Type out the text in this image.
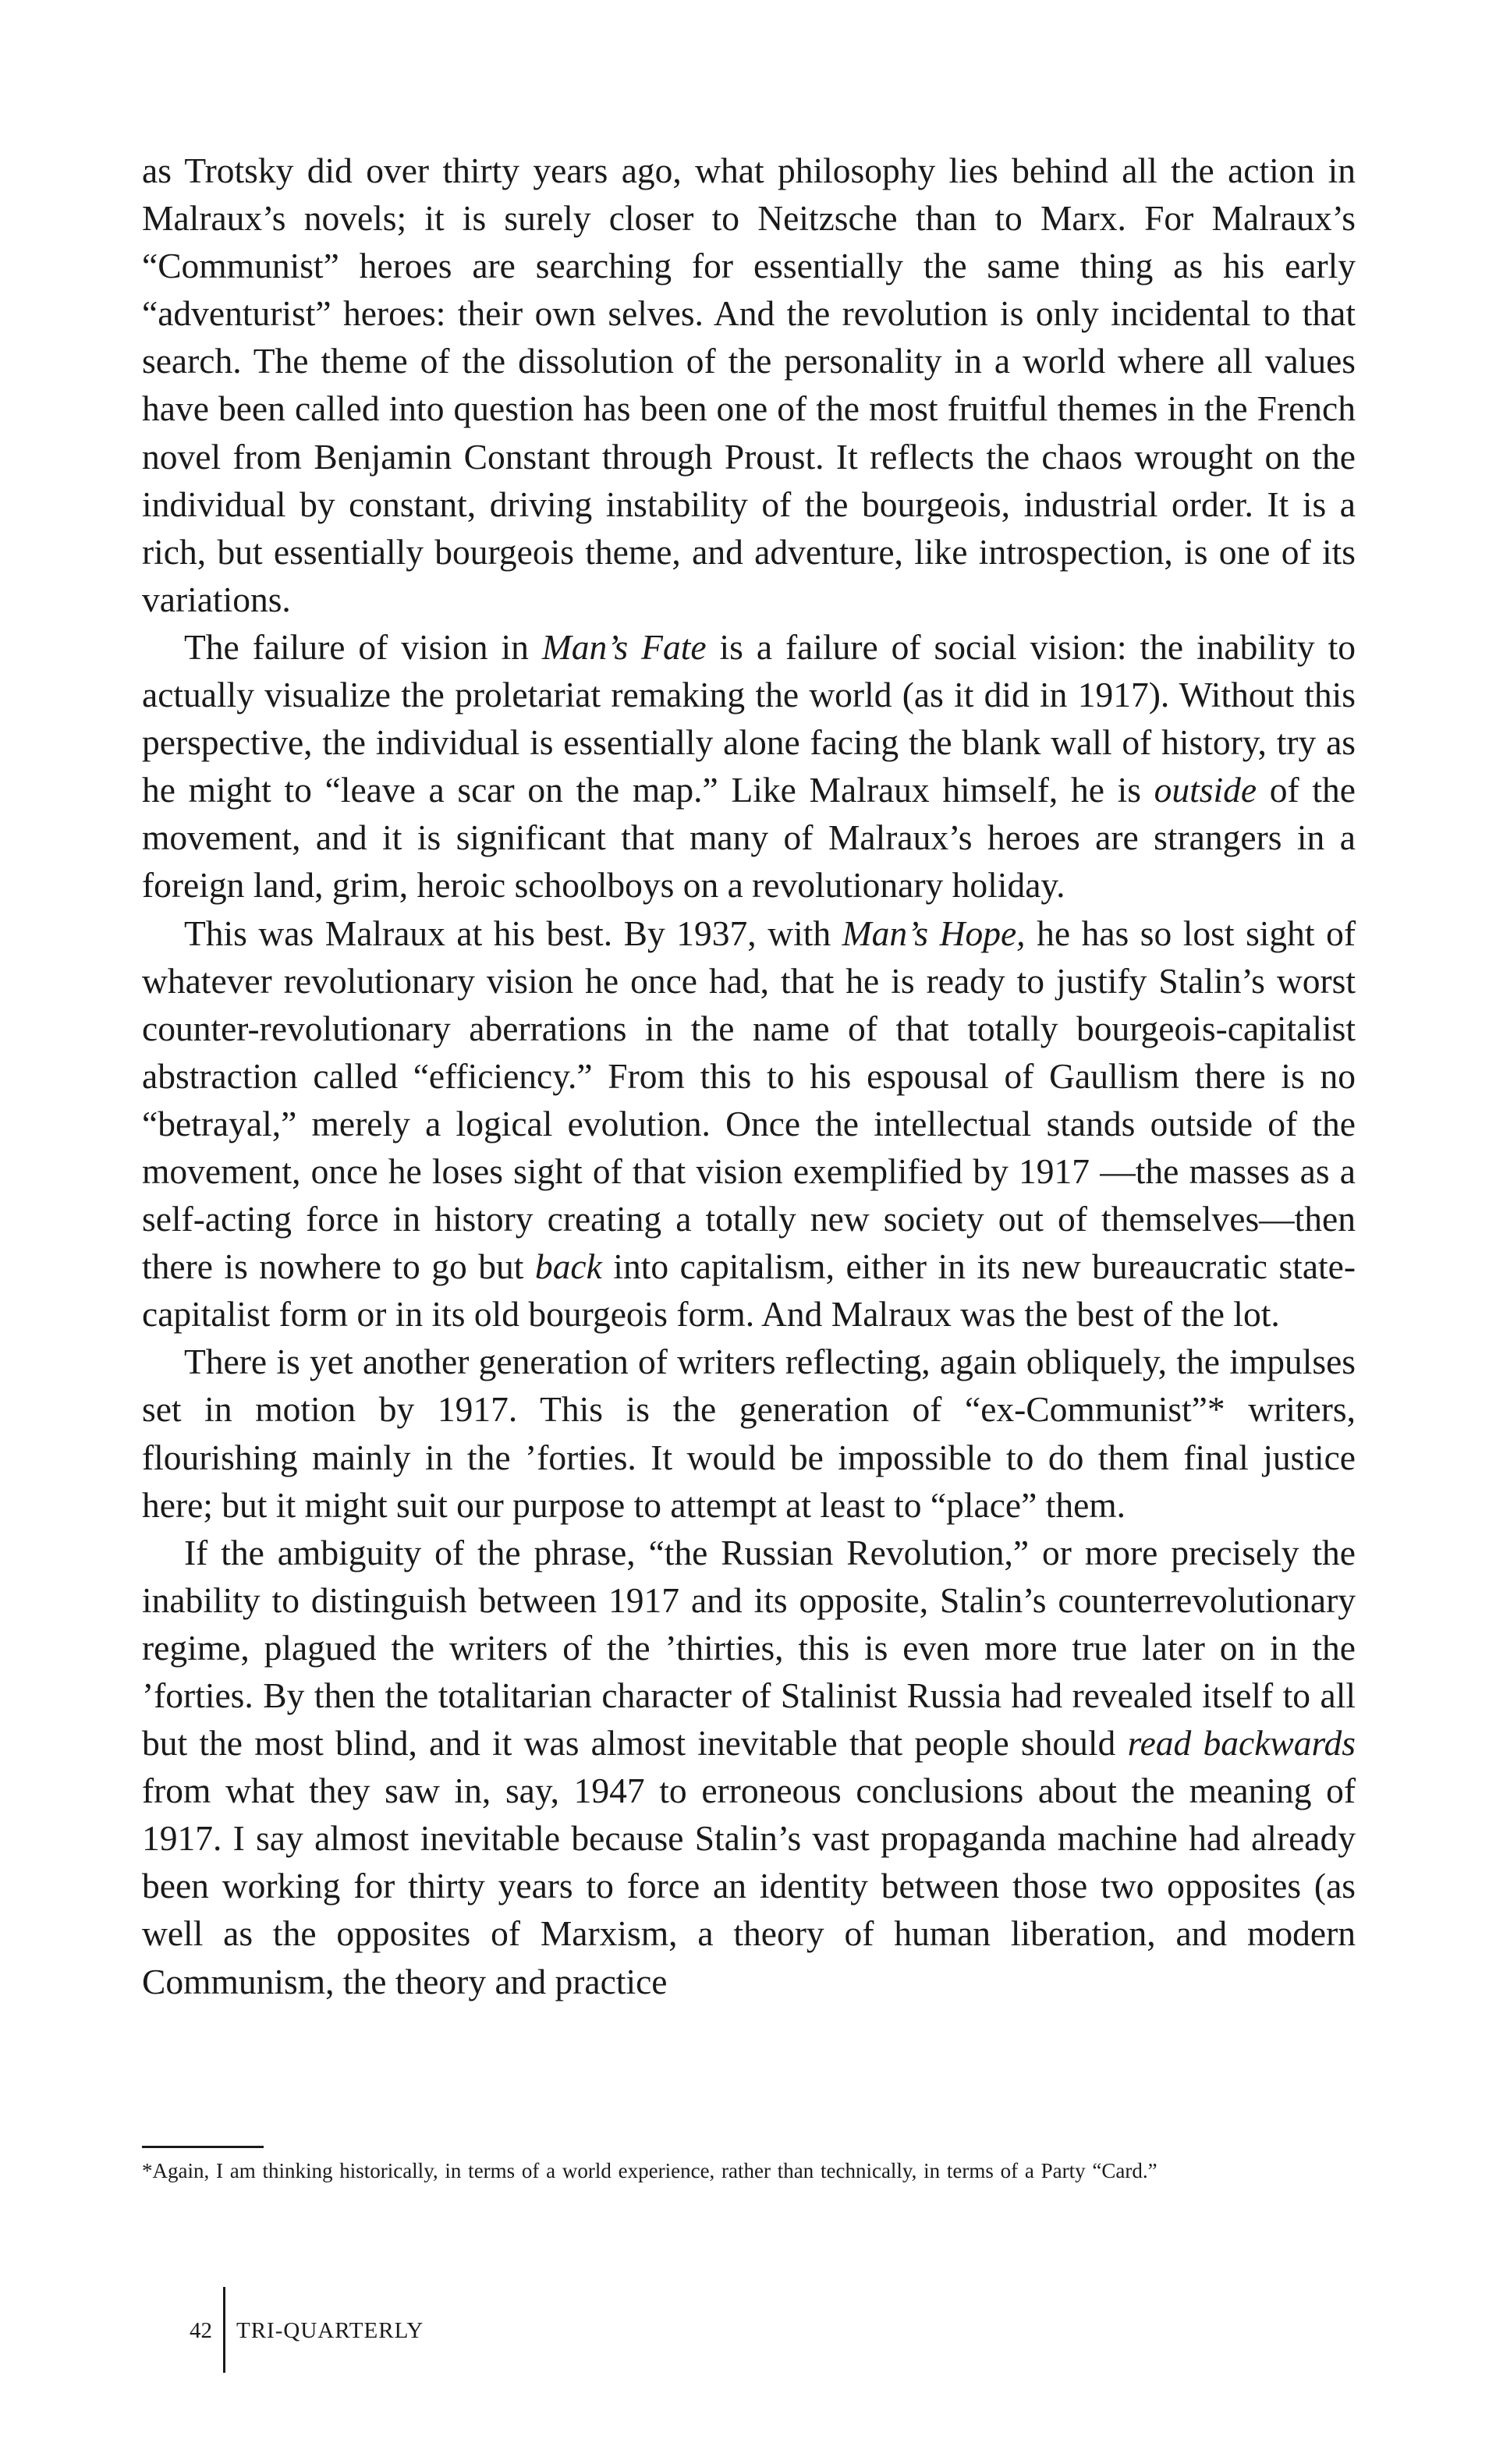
as Trotsky did over thirty years ago, what philosophy lies behind all the action in Malraux’s novels; it is surely closer to Neitzsche than to Marx. For Malraux’s “Communist” heroes are searching for essentially the same thing as his early “adventurist” heroes: their own selves. And the revolution is only incidental to that search. The theme of the dissolution of the personality in a world where all values have been called into question has been one of the most fruitful themes in the French novel from Benjamin Constant through Proust. It reflects the chaos wrought on the individual by constant, driving instability of the bourgeois, industrial order. It is a rich, but essentially bourgeois theme, and adventure, like introspection, is one of its variations.

The failure of vision in Man’s Fate is a failure of social vision: the inability to actually visualize the proletariat remaking the world (as it did in 1917). Without this perspective, the individual is essentially alone facing the blank wall of history, try as he might to “leave a scar on the map.” Like Malraux himself, he is outside of the movement, and it is significant that many of Malraux’s heroes are strangers in a foreign land, grim, heroic schoolboys on a revolutionary holiday.

This was Malraux at his best. By 1937, with Man’s Hope, he has so lost sight of whatever revolutionary vision he once had, that he is ready to justify Stalin’s worst counter-revolutionary aberrations in the name of that totally bourgeois-capitalist abstraction called “efficiency.” From this to his espousal of Gaullism there is no “betrayal,” merely a logical evolution. Once the intellectual stands outside of the movement, once he loses sight of that vision exemplified by 1917 —the masses as a self-acting force in history creating a totally new society out of themselves—then there is nowhere to go but back into capitalism, either in its new bureaucratic state-capitalist form or in its old bourgeois form. And Malraux was the best of the lot.

There is yet another generation of writers reflecting, again obliquely, the impulses set in motion by 1917. This is the generation of “ex-Communist”* writers, flourishing mainly in the ’forties. It would be impossible to do them final justice here; but it might suit our purpose to attempt at least to “place” them.

If the ambiguity of the phrase, “the Russian Revolution,” or more precisely the inability to distinguish between 1917 and its opposite, Stalin’s counterrevolutionary regime, plagued the writers of the ’thirties, this is even more true later on in the ’forties. By then the totalitarian character of Stalinist Russia had revealed itself to all but the most blind, and it was almost inevitable that people should read backwards from what they saw in, say, 1947 to erroneous conclusions about the meaning of 1917. I say almost inevitable because Stalin’s vast propaganda machine had already been working for thirty years to force an identity between those two opposites (as well as the opposites of Marxism, a theory of human liberation, and modern Communism, the theory and practice

*Again, I am thinking historically, in terms of a world experience, rather than technically, in terms of a Party “Card.”

42	TRI-QUARTERLY
